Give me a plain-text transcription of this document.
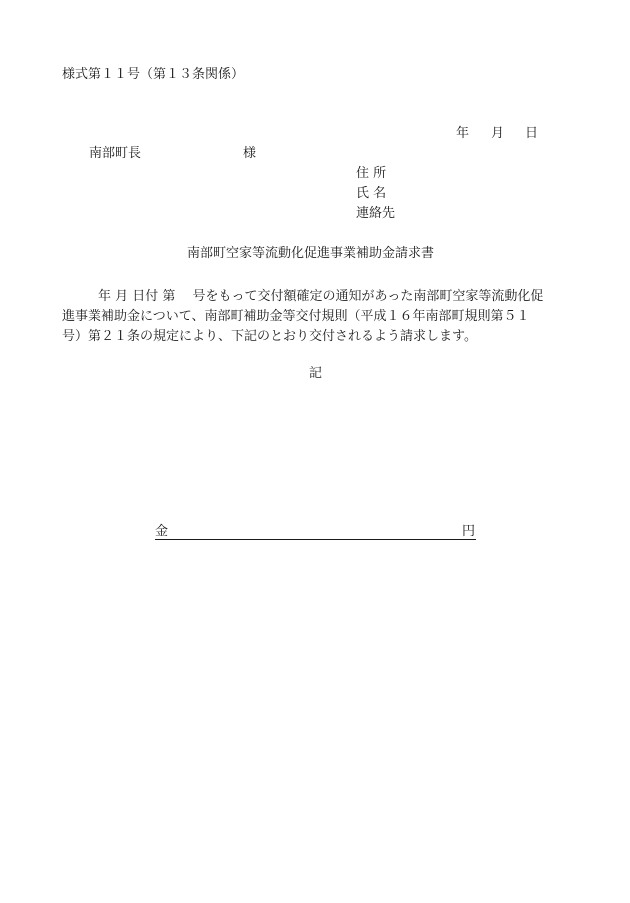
様式第１１号（第１３条関係）
年 月 日
南部町長	様
住 所
氏 名
連絡先
南部町空家等流動化促進事業補助金請求書
年 月 日付 第　 号をもって交付額確定の通知があった南部町空家等流動化促
進事業補助金について、南部町補助金等交付規則（平成１６年南部町規則第５１
号）第２１条の規定により、下記のとおり交付されるよう請求します。
記
金	円
